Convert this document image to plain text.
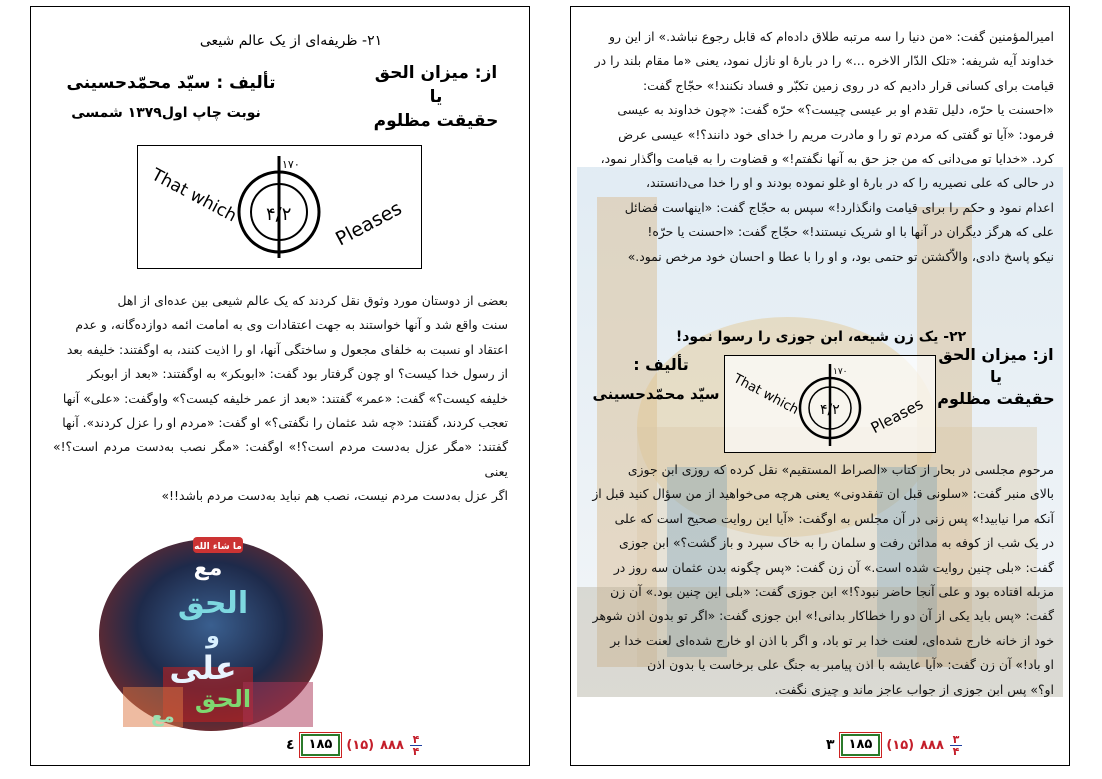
۲۱- ظریفه‌ای از یک عالم شیعی
از: میزان الحق
یا
حقیقت مظلوم
تألیف : سیّد محمّدحسینی
نوبت چاپ اول۱۳۷۹ شمسی
That which	Pleases
۴/۲
۱۷۰
بعضی از دوستان مورد وثوق نقل کردند که یک عالم شیعی بین عده‌ای از اهل
سنت واقع شد و آنها خواستند به جهت اعتقادات وی به امامت ائمه دوازده‌گانه، و عدم
اعتقاد او نسبت به خلفای مجعول و ساختگی آنها، او را اذیت کنند، به اوگفتند: خلیفه بعد
از رسول خدا کیست؟ او چون گرفتار بود گفت: «ابوبکر» به اوگفتند: «بعد از ابوبکر
خلیفه کیست؟» گفت: «عمر» گفتند: «بعد از عمر خلیفه کیست؟» واوگفت: «علی» آنها
تعجب کردند، گفتند: «چه شد عثمان را نگفتی؟» او گفت: «مردم او را عزل کردند». آنها
گفتند: «مگر عزل به‌دست مردم است؟!» اوگفت: «مگر نصب به‌دست مردم است؟!» یعنی
اگر عزل به‌دست مردم نیست، نصب هم نباید به‌دست مردم باشد!!»
ما شاء الله
مع
الحق
و
علی
الحق
مع
٤	۱۸۵	(۱۵) ۸۸۸ $\frac{۴}{۴}$
امیرالمؤمنین گفت: «من دنیا را سه مرتبه طلاق داده‌ام که قابل رجوع نباشد.» از این رو
خداوند آیه شریفه: «تلک الدّار الاخره ...» را در بارهٔ او نازل نمود، یعنی «ما مقام بلند را در
قیامت برای کسانی قرار دادیم که در روی زمین تکبّر و فساد نکنند!» حجّاج گفت:
«احسنت یا حرّه، دلیل تقدم او بر عیسی چیست؟» حرّه گفت: «چون خداوند به عیسی
فرمود: «آیا تو گفتی که مردم تو را و مادرت مریم را خدای خود دانند؟!» عیسی عرض
کرد. «خدایا تو می‌دانی که من جز حق به آنها نگفتم!» و قضاوت را به قیامت واگذار نمود،
در حالی که علی نصیریه را که در بارهٔ او غلو نموده بودند و او را خدا می‌دانستند،
اعدام نمود و حکم را برای قیامت وانگذارد!» سپس به حجّاج گفت: «اینهاست فضائل
علی که هرگز دیگران در آنها با او شریک نیستند!» حجّاج گفت: «احسنت یا حرّه!
نیکو پاسخ دادی، والاّکشتن تو حتمی بود، و او را با عطا و احسان خود مرخص نمود.»
۲۲- یک زن شیعه، ابن جوزی را رسوا نمود!
از: میزان الحق
یا
حقیقت مظلوم
تألیف :
سیّد محمّدحسینی That which	Pleases
۴/۲
۱۷۰
مرحوم مجلسی در بحار از کتاب «الصراط المستقیم» نقل کرده که روزی ابن جوزی
بالای منبر گفت: «سلونی قبل ان تفقدونی» یعنی هرچه می‌خواهید از من سؤال کنید قبل از
آنکه مرا نیابید!» پس زنی در آن مجلس به اوگفت: «آیا این روایت صحیح است که علی
در یک شب از کوفه به مدائن رفت و سلمان را به خاک سپرد و باز گشت؟» ابن جوزی
گفت: «بلی چنین روایت شده است.» آن زن گفت: «پس چگونه بدن عثمان سه روز در
مزبله افتاده بود و علی آنجا حاضر نبود؟!» ابن جوزی گفت: «بلی این چنین بود.» آن زن
گفت: «پس باید یکی از آن دو را خطاکار بدانی!» ابن جوزی گفت: «اگر تو بدون اذن شوهر
خود از خانه خارج شده‌ای، لعنت خدا بر تو باد، و اگر با اذن او خارج شده‌ای لعنت خدا بر
او باد!» آن زن گفت: «آیا عایشه با اذن پیامبر به جنگ علی برخاست یا بدون اذن
او؟» پس ابن جوزی از جواب عاجز ماند و چیزی نگفت.
۳	۱۸۵	(۱۵) ۸۸۸ $\frac{۳}{۴}$
